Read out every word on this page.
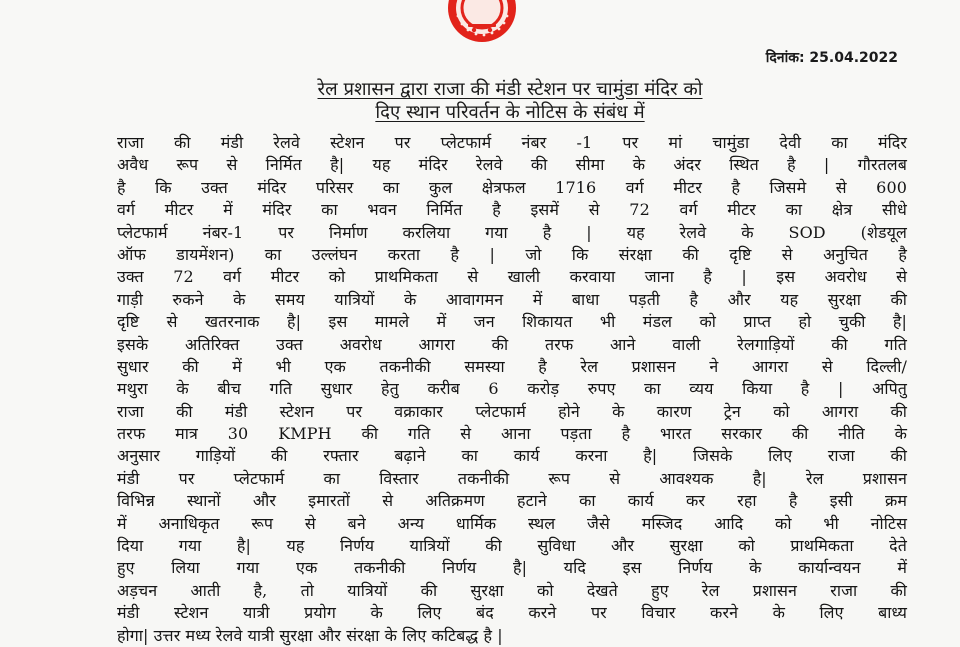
दिनांक: 25.04.2022
रेल प्रशासन द्वारा राजा की मंडी स्टेशन पर चामुंडा मंदिर को
दिए स्थान परिवर्तन के नोटिस के संबंध में
राजा की मंडी रेलवे स्टेशन पर प्लेटफार्म नंबर -1 पर मां चामुंडा देवी का मंदिर
अवैध रूप से निर्मित है| यह मंदिर रेलवे की सीमा के अंदर स्थित है | गौरतलब
है कि उक्त मंदिर परिसर का कुल क्षेत्रफल 1716 वर्ग मीटर है जिसमे से 600
वर्ग मीटर में मंदिर का भवन निर्मित है इसमें से 72 वर्ग मीटर का क्षेत्र सीधे
प्लेटफार्म नंबर-1 पर निर्माण करलिया गया है | यह रेलवे के SOD (शेडयूल
ऑफ डायमेंशन) का उल्लंघन करता है | जो कि संरक्षा की दृष्टि से अनुचित है
उक्त 72 वर्ग मीटर को प्राथमिकता से खाली करवाया जाना है | इस अवरोध से
गाड़ी रुकने के समय यात्रियों के आवागमन में बाधा पड़ती है और यह सुरक्षा की
दृष्टि से खतरनाक है| इस मामले में जन शिकायत भी मंडल को प्राप्त हो चुकी है|
इसके अतिरिक्त उक्त अवरोध आगरा की तरफ आने वाली रेलगाड़ियों की गति
सुधार की में भी एक तकनीकी समस्या है रेल प्रशासन ने आगरा से दिल्ली/
मथुरा के बीच गति सुधार हेतु करीब 6 करोड़ रुपए का व्यय किया है | अपितु
राजा की मंडी स्टेशन पर वक्राकार प्लेटफार्म होने के कारण ट्रेन को आगरा की
तरफ मात्र 30 KMPH की गति से आना पड़ता है भारत सरकार की नीति के
अनुसार गाड़ियों की रफ्तार बढ़ाने का कार्य करना है| जिसके लिए राजा की
मंडी पर प्लेटफार्म का विस्तार तकनीकी रूप से आवश्यक है| रेल प्रशासन
विभिन्न स्थानों और इमारतों से अतिक्रमण हटाने का कार्य कर रहा है इसी क्रम
में अनाधिकृत रूप से बने अन्य धार्मिक स्थल जैसे मस्जिद आदि को भी नोटिस
दिया गया है| यह निर्णय यात्रियों की सुविधा और सुरक्षा को प्राथमिकता देते
हुए लिया गया एक तकनीकी निर्णय है| यदि इस निर्णय के कार्यान्वयन में
अड़चन आती है, तो यात्रियों की सुरक्षा को देखते हुए रेल प्रशासन राजा की
मंडी स्टेशन यात्री प्रयोग के लिए बंद करने पर विचार करने के लिए बाध्य
होगा| उत्तर मध्य रेलवे यात्री सुरक्षा और संरक्षा के लिए कटिबद्ध है |
